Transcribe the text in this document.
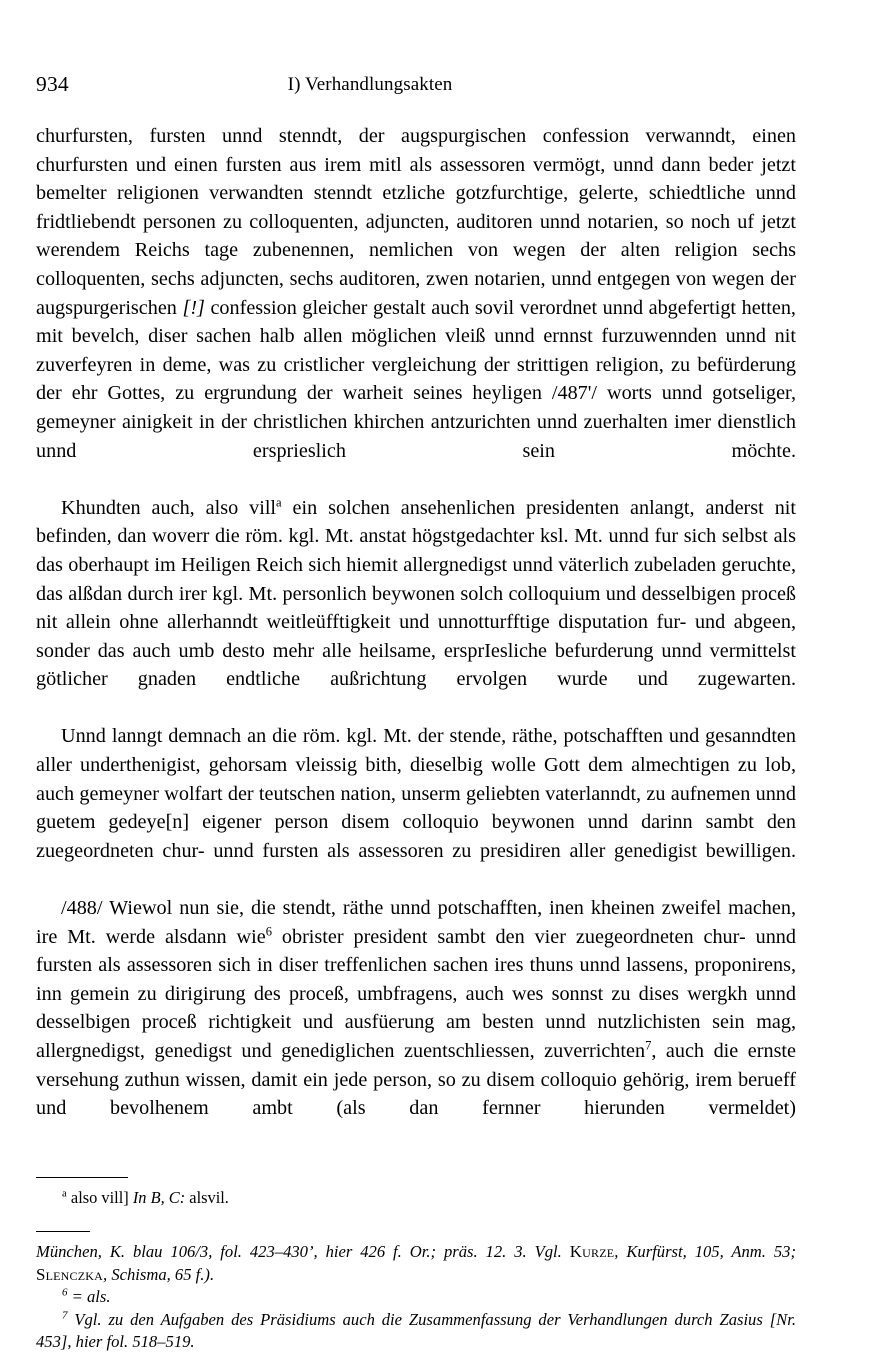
934	I) Verhandlungsakten

churfursten, fursten unnd stenndt, der augspurgischen confession verwanndt, einen churfursten und einen fursten aus irem mitl als assessoren vermögt, unnd dann beder jetzt bemelter religionen verwandten stenndt etzliche gotzfurchtige, gelerte, schiedtliche unnd fridtliebendt personen zu colloquenten, adjuncten, auditoren unnd notarien, so noch uf jetzt werendem Reichs tage zubenennen, nemlichen von wegen der alten religion sechs colloquenten, sechs adjuncten, sechs auditoren, zwen notarien, unnd entgegen von wegen der augspurgerischen [!] confession gleicher gestalt auch sovil verordnet unnd abgefertigt hetten, mit bevelch, diser sachen halb allen möglichen vleiß unnd ernnst furzuwennden unnd nit zuverfeyren in deme, was zu cristlicher vergleichung der strittigen religion, zu befürderung der ehr Gottes, zu ergrundung der warheit seines heyligen /487'/ worts unnd gotseliger, gemeyner ainigkeit in der christlichen khirchen antzurichten unnd zuerhalten imer dienstlich unnd ersprieslich sein möchte.

Khundten auch, also vill$^a$ ein solchen ansehenlichen presidenten anlangt, anderst nit befinden, dan woverr die röm. kgl. Mt. anstat högstgedachter ksl. Mt. unnd fur sich selbst als das oberhaupt im Heiligen Reich sich hiemit allergnedigst unnd väterlich zubeladen geruchte, das alßdan durch irer kgl. Mt. personlich beywonen solch colloquium und desselbigen proceß nit allein ohne allerhanndt weitleüfftigkeit und unnotturfftige disputation fur- und abgeen, sonder das auch umb desto mehr alle heilsame, ersprIesliche befurderung unnd vermittelst götlicher gnaden endtliche außrichtung ervolgen wurde und zugewarten.

Unnd lanngt demnach an die röm. kgl. Mt. der stende, räthe, potschafften und gesanndten aller underthenigist, gehorsam vleissig bith, dieselbig wolle Gott dem almechtigen zu lob, auch gemeyner wolfart der teutschen nation, unserm geliebten vaterlanndt, zu aufnemen unnd guetem gedeye[n] eigener person disem colloquio beywonen unnd darinn sambt den zuegeordneten chur- unnd fursten als assessoren zu presidiren aller genedigist bewilligen.

/488/ Wiewol nun sie, die stendt, räthe unnd potschafften, inen kheinen zweifel machen, ire Mt. werde alsdann wie$^6$ obrister president sambt den vier zuegeordneten chur- unnd fursten als assessoren sich in diser treffenlichen sachen ires thuns unnd lassens, proponirens, inn gemein zu dirigirung des proceß, umbfragens, auch wes sonnst zu dises wergkh unnd desselbigen proceß richtigkeit und ausfüerung am besten unnd nutzlichisten sein mag, allergnedigst, genedigst und genediglichen zuentschliessen, zuverrichten$^7$, auch die ernste versehung zuthun wissen, damit ein jede person, so zu disem colloquio gehörig, irem berueff und bevolhenem ambt (als dan fernner hierunden vermeldet)

$^a$ also vill] In B, C: alsvil.

München, K. blau 106/3, fol. 423–430’, hier 426 f. Or.; präs. 12. 3. Vgl. Kurze, Kurfürst, 105, Anm. 53; Slenczka, Schisma, 65 f.).

$^6$ = als.

$^7$ Vgl. zu den Aufgaben des Präsidiums auch die Zusammenfassung der Verhandlungen durch Zasius [Nr. 453], hier fol. 518–519.
